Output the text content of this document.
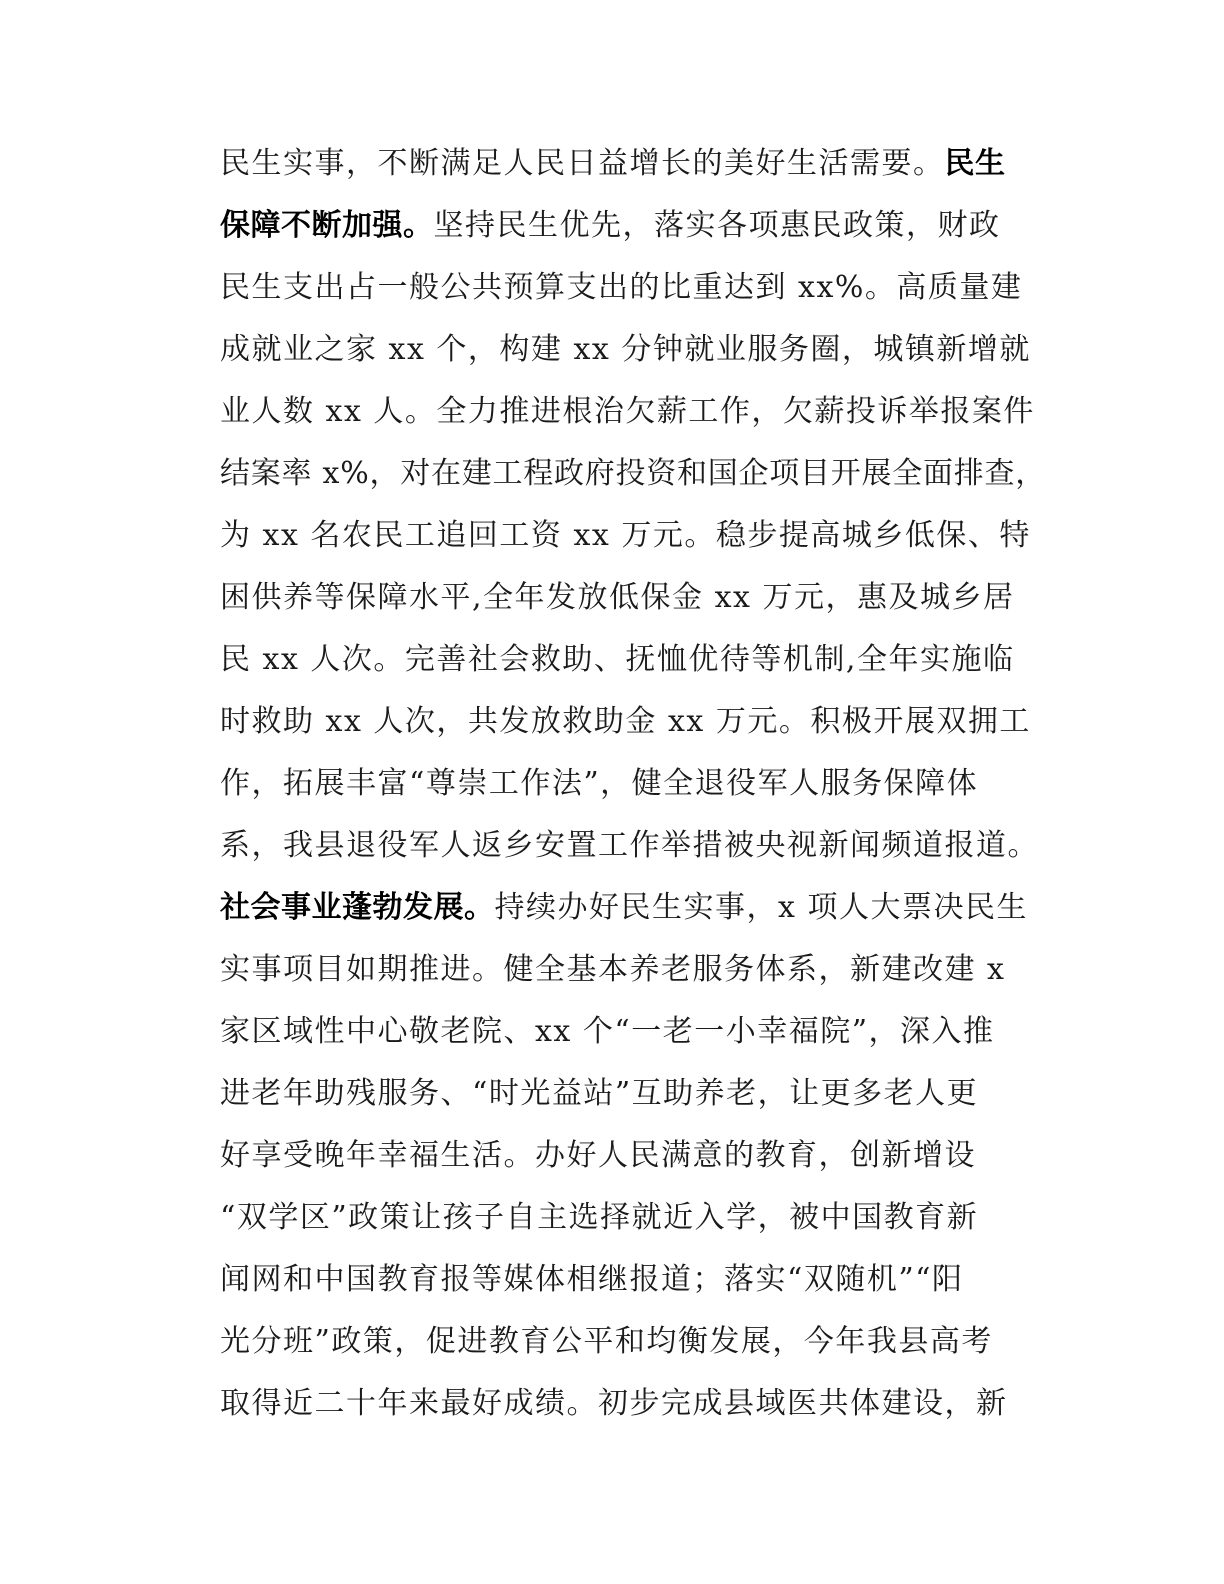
民生实事，不断满足人民日益增长的美好生活需要。民生
保障不断加强。坚持民生优先，落实各项惠民政策，财政
民生支出占一般公共预算支出的比重达到 xx%。高质量建
成就业之家 xx 个，构建 xx 分钟就业服务圈，城镇新增就
业人数 xx 人。全力推进根治欠薪工作，欠薪投诉举报案件
结案率 x%，对在建工程政府投资和国企项目开展全面排查，
为 xx 名农民工追回工资 xx 万元。稳步提高城乡低保、特
困供养等保障水平,全年发放低保金 xx 万元，惠及城乡居
民 xx 人次。完善社会救助、抚恤优待等机制,全年实施临
时救助 xx 人次，共发放救助金 xx 万元。积极开展双拥工
作，拓展丰富“尊崇工作法”，健全退役军人服务保障体
系，我县退役军人返乡安置工作举措被央视新闻频道报道。
社会事业蓬勃发展。持续办好民生实事，x 项人大票决民生
实事项目如期推进。健全基本养老服务体系，新建改建 x
家区域性中心敬老院、xx 个“一老一小幸福院”，深入推
进老年助残服务、“时光益站”互助养老，让更多老人更
好享受晚年幸福生活。办好人民满意的教育，创新增设
“双学区”政策让孩子自主选择就近入学，被中国教育新
闻网和中国教育报等媒体相继报道；落实“双随机”“阳
光分班”政策，促进教育公平和均衡发展，今年我县高考
取得近二十年来最好成绩。初步完成县域医共体建设，新
